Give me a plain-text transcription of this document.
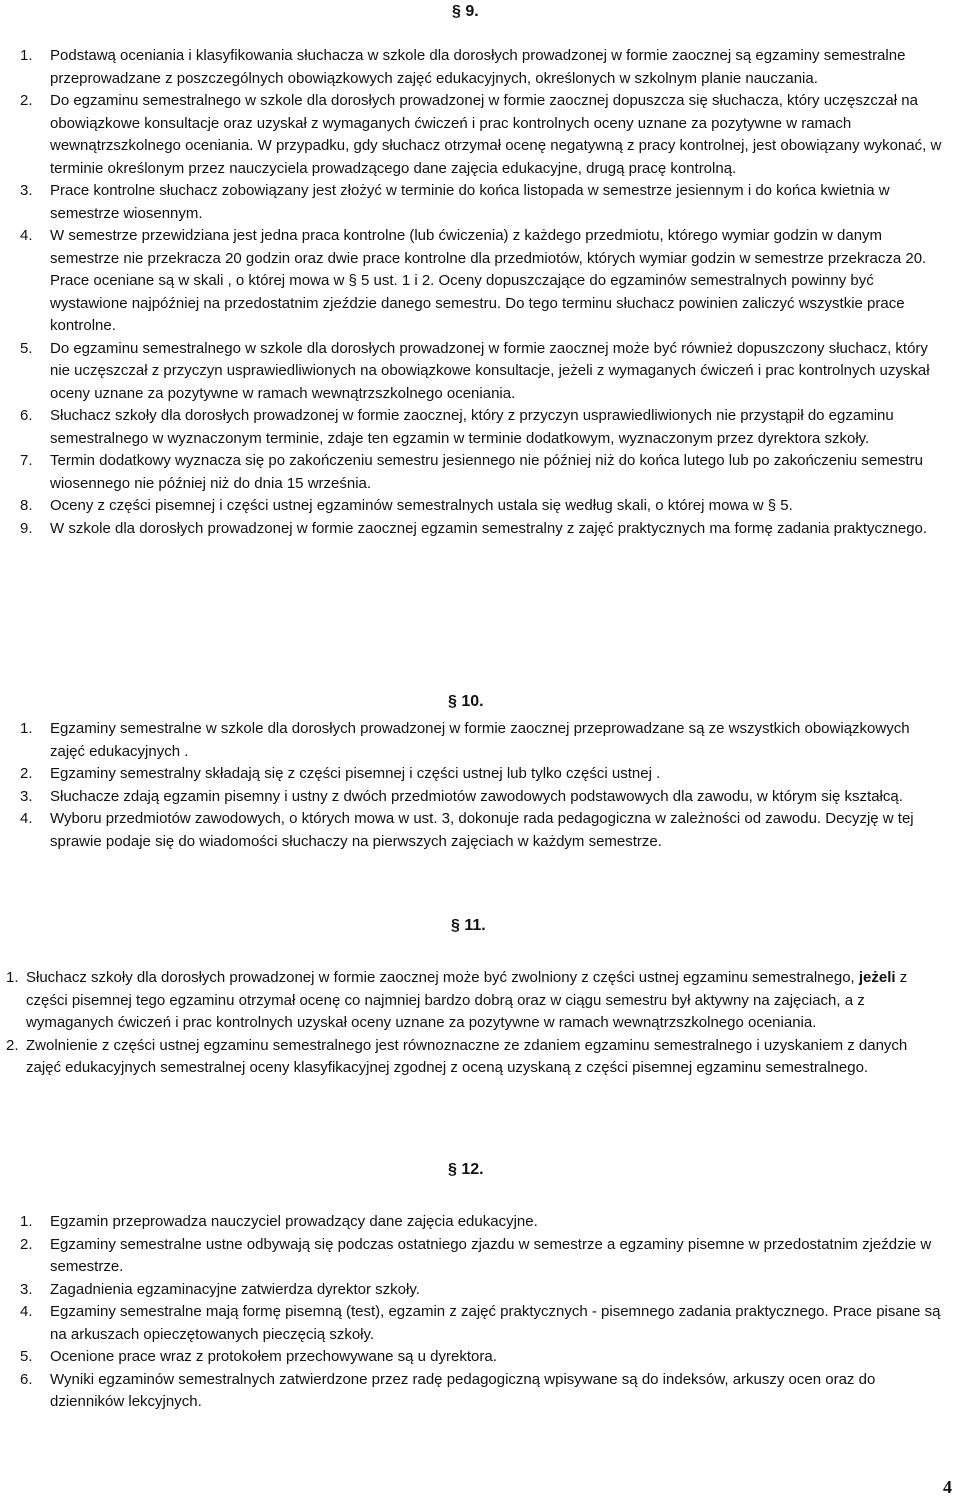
§ 9.
1. Podstawą oceniania i klasyfikowania słuchacza w szkole dla dorosłych prowadzonej w formie zaocznej są egzaminy semestralne przeprowadzane z poszczególnych obowiązkowych zajęć edukacyjnych, określonych w szkolnym planie nauczania.
2. Do egzaminu semestralnego w szkole dla dorosłych prowadzonej w formie zaocznej dopuszcza się słuchacza, który uczęszczał na obowiązkowe konsultacje oraz uzyskał z wymaganych ćwiczeń i prac kontrolnych oceny uznane za pozytywne w ramach wewnątrzszkolnego oceniania. W przypadku, gdy słuchacz otrzymał ocenę negatywną z pracy kontrolnej, jest obowiązany wykonać, w terminie określonym przez nauczyciela prowadzącego dane zajęcia edukacyjne, drugą pracę kontrolną.
3. Prace kontrolne słuchacz zobowiązany jest złożyć w terminie do końca listopada w semestrze jesiennym i do końca kwietnia w semestrze wiosennym.
4. W semestrze przewidziana jest jedna praca kontrolne (lub ćwiczenia) z każdego przedmiotu, którego wymiar godzin w danym semestrze nie przekracza 20 godzin oraz dwie prace kontrolne dla przedmiotów, których wymiar godzin w semestrze przekracza 20. Prace oceniane są w skali , o której mowa w § 5 ust. 1 i 2. Oceny dopuszczające do egzaminów semestralnych powinny być wystawione najpóźniej na przedostatnim zjeździe danego semestru. Do tego terminu słuchacz powinien zaliczyć wszystkie prace kontrolne.
5. Do egzaminu semestralnego w szkole dla dorosłych prowadzonej w formie zaocznej może być również dopuszczony słuchacz, który nie uczęszczał z przyczyn usprawiedliwionych na obowiązkowe konsultacje, jeżeli z wymaganych ćwiczeń i prac kontrolnych uzyskał oceny uznane za pozytywne w ramach wewnątrzszkolnego oceniania.
6. Słuchacz szkoły dla dorosłych prowadzonej w formie zaocznej, który z przyczyn usprawiedliwionych nie przystąpił do egzaminu semestralnego w wyznaczonym terminie, zdaje ten egzamin w terminie dodatkowym, wyznaczonym przez dyrektora szkoły.
7. Termin dodatkowy wyznacza się po zakończeniu semestru jesiennego nie później niż do końca lutego lub po zakończeniu semestru wiosennego nie później niż do dnia 15 września.
8. Oceny z części pisemnej i części ustnej egzaminów semestralnych ustala się według skali, o której mowa w § 5.
9. W szkole dla dorosłych prowadzonej w formie zaocznej egzamin semestralny z zajęć praktycznych ma formę zadania praktycznego.
§ 10.
1. Egzaminy semestralne w szkole dla dorosłych prowadzonej w formie zaocznej przeprowadzane są ze wszystkich obowiązkowych zajęć edukacyjnych .
2. Egzaminy semestralny składają się z części pisemnej i części ustnej lub tylko części ustnej .
3. Słuchacze zdają egzamin pisemny i ustny z dwóch przedmiotów zawodowych podstawowych dla zawodu, w którym się kształcą.
4. Wyboru przedmiotów zawodowych, o których mowa w ust. 3, dokonuje rada pedagogiczna w zależności od zawodu. Decyzję w tej sprawie podaje się do wiadomości słuchaczy na pierwszych zajęciach w każdym semestrze.
§ 11.
1. Słuchacz szkoły dla dorosłych prowadzonej w formie zaocznej może być zwolniony z części ustnej egzaminu semestralnego, jeżeli z części pisemnej tego egzaminu otrzymał ocenę co najmniej bardzo dobrą oraz w ciągu semestru był aktywny na zajęciach, a z wymaganych ćwiczeń i prac kontrolnych uzyskał oceny uznane za pozytywne w ramach wewnątrzszkolnego oceniania.
2. Zwolnienie z części ustnej egzaminu semestralnego jest równoznaczne ze zdaniem egzaminu semestralnego i uzyskaniem z danych zajęć edukacyjnych semestralnej oceny klasyfikacyjnej zgodnej z oceną uzyskaną z części pisemnej egzaminu semestralnego.
§ 12.
1. Egzamin przeprowadza nauczyciel prowadzący dane zajęcia edukacyjne.
2. Egzaminy semestralne ustne odbywają się podczas ostatniego zjazdu w semestrze a egzaminy pisemne w przedostatnim zjeździe w semestrze.
3. Zagadnienia egzaminacyjne zatwierdza dyrektor szkoły.
4. Egzaminy semestralne mają formę pisemną (test), egzamin z zajęć praktycznych - pisemnego zadania praktycznego. Prace pisane są na arkuszach opieczętowanych pieczęcią szkoły.
5. Ocenione prace wraz z protokołem przechowywane są u dyrektora.
6. Wyniki egzaminów semestralnych zatwierdzone przez radę pedagogiczną wpisywane są do indeksów, arkuszy ocen oraz do dzienników lekcyjnych.
4
